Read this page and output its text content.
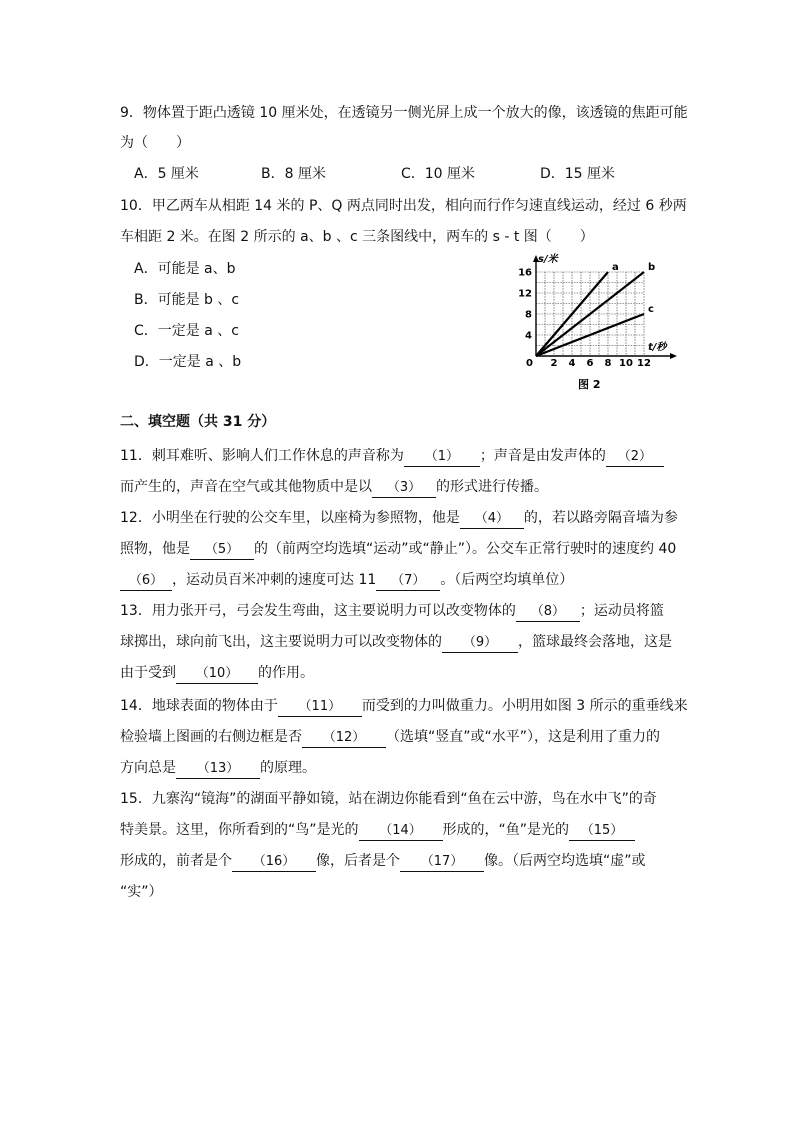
9．物体置于距凸透镜 10 厘米处，在透镜另一侧光屏上成一个放大的像，该透镜的焦距可能
为（　　）
A．5 厘米	B．8 厘米	C．10 厘米	D．15 厘米
10．甲乙两车从相距 14 米的 P、Q 两点同时出发，相向而行作匀速直线运动，经过 6 秒两
车相距 2 米。在图 2 所示的 a、b 、c 三条图线中，两车的 s - t 图（　　）
A．可能是 a、b
B．可能是 b 、c
C．一定是 a 、c
D．一定是 a 、b	2 4 6 8 10 12
4
8
12
16	a	b
c
s/米
t/秒
0
图 2
二、填空题（共 31 分）
11．刺耳难听、影响人们工作休息的声音称为 （1） ；声音是由发声体的 （2）
而产生的，声音在空气或其他物质中是以 （3） 的形式进行传播。
12．小明坐在行驶的公交车里，以座椅为参照物，他是 （4） 的，若以路旁隔音墙为参
照物，他是 （5） 的（前两空均选填“运动”或“静止”）。公交车正常行驶时的速度约 40
（6） ，运动员百米冲刺的速度可达 11 （7） 。（后两空均填单位）
13．用力张开弓，弓会发生弯曲，这主要说明力可以改变物体的 （8） ；运动员将篮
球掷出，球向前飞出，这主要说明力可以改变物体的 （9） ，篮球最终会落地，这是
由于受到 （10） 的作用。
14．地球表面的物体由于 （11） 而受到的力叫做重力。小明用如图 3 所示的重垂线来
检验墙上图画的右侧边框是否 （12） （选填“竖直”或“水平”），这是利用了重力的
方向总是 （13） 的原理。
15．九寨沟“镜海”的湖面平静如镜，站在湖边你能看到“鱼在云中游，鸟在水中飞”的奇
特美景。这里，你所看到的“鸟”是光的 （14） 形成的，“鱼”是光的 （15）
形成的，前者是个 （16） 像，后者是个 （17） 像。（后两空均选填“虚”或
“实”）
